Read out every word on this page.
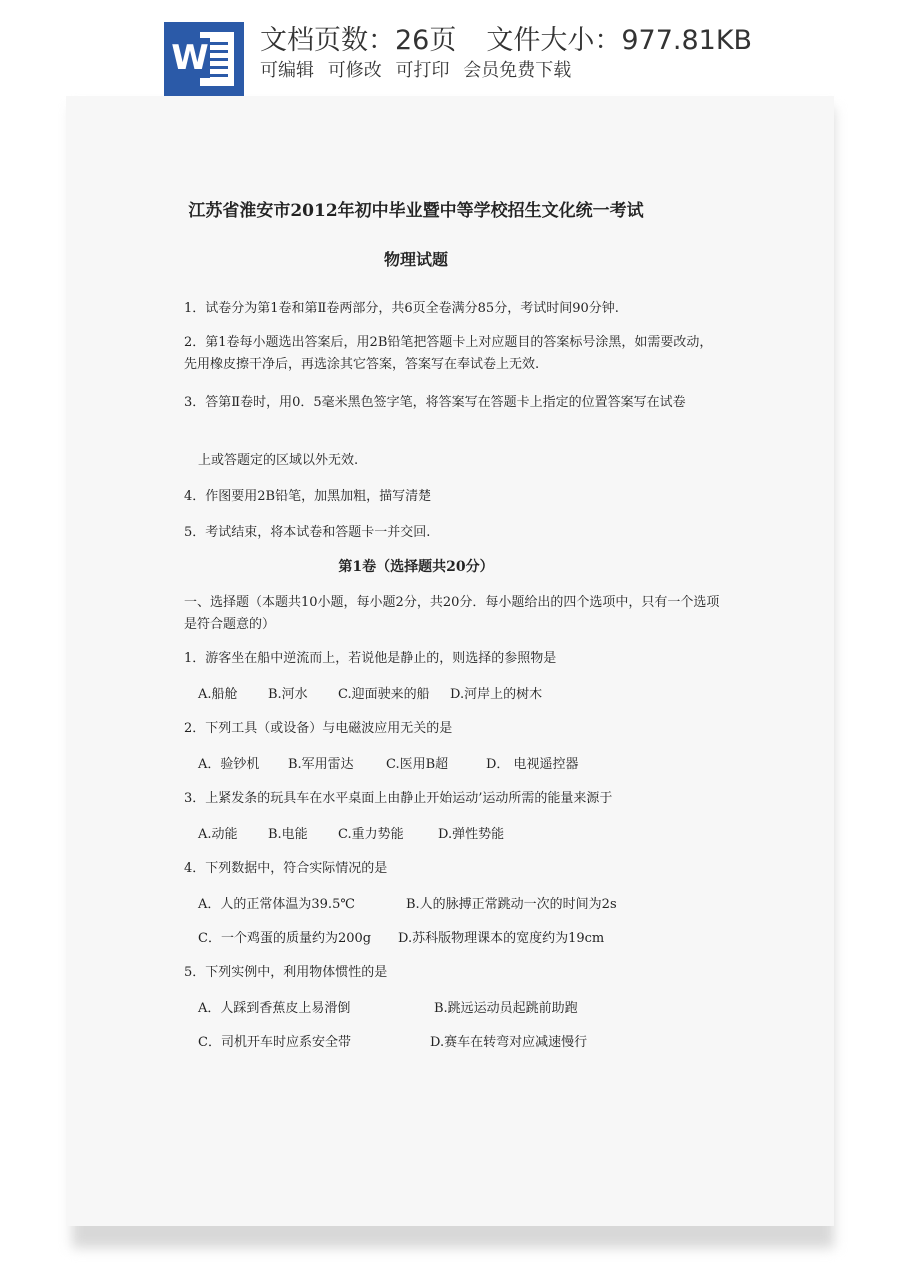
W 文档页数：26页 文件大小：977.81KB
可编辑 可修改 可打印 会员免费下载
江苏省淮安市2012年初中毕业暨中等学校招生文化统一考试
物理试题
1．试卷分为第1卷和第Ⅱ卷两部分，共6页全卷满分85分，考试时间90分钟.
2．第1卷每小题选出答案后，用2B铅笔把答题卡上对应题目的答案标号涂黑，如需要改动，先用橡皮擦干净后，再选涂其它答案，答案写在奉试卷上无效.
3．答第Ⅱ卷时，用0．5毫米黑色签字笔，将答案写在答题卡上指定的位置答案写在试卷
上或答题定的区域以外无效.
4．作图要用2B铅笔，加黑加粗，描写清楚
5．考试结束，将本试卷和答题卡一并交回.
第1卷（选择题共20分）
一、选择题（本题共10小题，每小题2分，共20分．每小题给出的四个选项中，只有一个选项是符合题意的）
1．游客坐在船中逆流而上，若说他是静止的，则选择的参照物是
A.船舱 B.河水 C.迎面驶来的船 D.河岸上的树木
2．下列工具（或设备）与电磁波应用无关的是
A．验钞机 B.军用雷达 C.医用B超	D． 电视遥控器
3．上紧发条的玩具车在水平桌面上由静止开始运动’运动所需的能量来源于
A.动能 B.电能 C.重力势能	D.弹性势能
4．下列数据中，符合实际情况的是
A．人的正常体温为39.5℃	B.人的脉搏正常跳动一次的时间为2s
C．一个鸡蛋的质量约为200g D.苏科版物理课本的宽度约为19cm
5．下列实例中，利用物体惯性的是
A．人踩到香蕉皮上易滑倒	B.跳远运动员起跳前助跑
C．司机开车时应系安全带	D.赛车在转弯对应减速慢行
